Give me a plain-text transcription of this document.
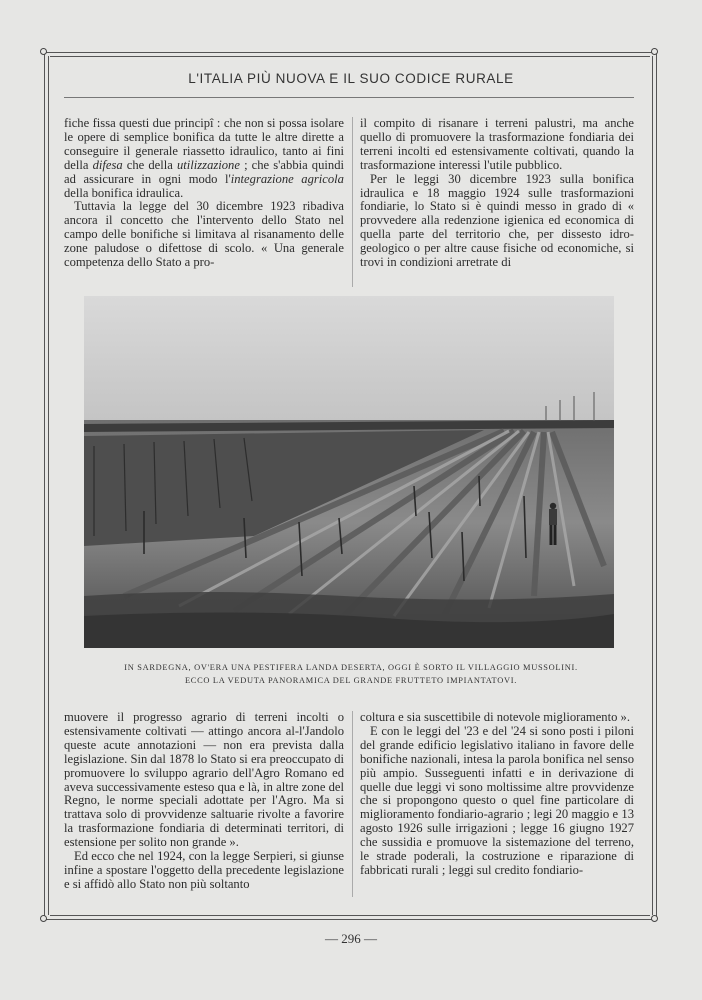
L'ITALIA PIÙ NUOVA E IL SUO CODICE RURALE

fiche fissa questi due principî : che non si possa isolare le opere di semplice bonifica da tutte le altre dirette a conseguire il generale riassetto idraulico, tanto ai fini della difesa che della utilizzazione ; che s'abbia quindi ad assicurare in ogni modo l'integrazione agricola della bonifica idraulica.

Tuttavia la legge del 30 dicembre 1923 ribadiva ancora il concetto che l'intervento dello Stato nel campo delle bonifiche si limitava al risanamento delle zone paludose o difettose di scolo. « Una generale competenza dello Stato a pro-

il compito di risanare i terreni palustri, ma anche quello di promuovere la trasformazione fondiaria dei terreni incolti ed estensivamente coltivati, quando la trasformazione interessi l'utile pubblico.

Per le leggi 30 dicembre 1923 sulla bonifica idraulica e 18 maggio 1924 sulle trasformazioni fondiarie, lo Stato si è quindi messo in grado di « provvedere alla redenzione igienica ed economica di quella parte del territorio che, per dissesto idro-geologico o per altre cause fisiche od economiche, si trovi in condizioni arretrate di

IN SARDEGNA, OV'ERA UNA PESTIFERA LANDA DESERTA, OGGI È SORTO IL VILLAGGIO MUSSOLINI.
ECCO LA VEDUTA PANORAMICA DEL GRANDE FRUTTETO IMPIANTATOVI.

muovere il progresso agrario di terreni incolti o estensivamente coltivati — attingo ancora al-l'Jandolo queste acute annotazioni — non era prevista dalla legislazione. Sin dal 1878 lo Stato si era preoccupato di promuovere lo sviluppo agrario dell'Agro Romano ed aveva successivamente esteso qua e là, in altre zone del Regno, le norme speciali adottate per l'Agro. Ma si trattava solo di provvidenze saltuarie rivolte a favorire la trasformazione fondiaria di determinati territori, di estensione per solito non grande ».

Ed ecco che nel 1924, con la legge Serpieri, si giunse infine a spostare l'oggetto della precedente legislazione e si affidò allo Stato non più soltanto

coltura e sia suscettibile di notevole miglioramento ».

E con le leggi del '23 e del '24 si sono posti i piloni del grande edificio legislativo italiano in favore delle bonifiche nazionali, intesa la parola bonifica nel senso più ampio. Susseguenti infatti e in derivazione di quelle due leggi vi sono moltissime altre provvidenze che si propongono questo o quel fine particolare di miglioramento fondiario-agrario ; legi 20 maggio e 13 agosto 1926 sulle irrigazioni ; legge 16 giugno 1927 che sussidia e promuove la sistemazione del terreno, le strade poderali, la costruzione e riparazione di fabbricati rurali ; leggi sul credito fondiario-

— 296 —
